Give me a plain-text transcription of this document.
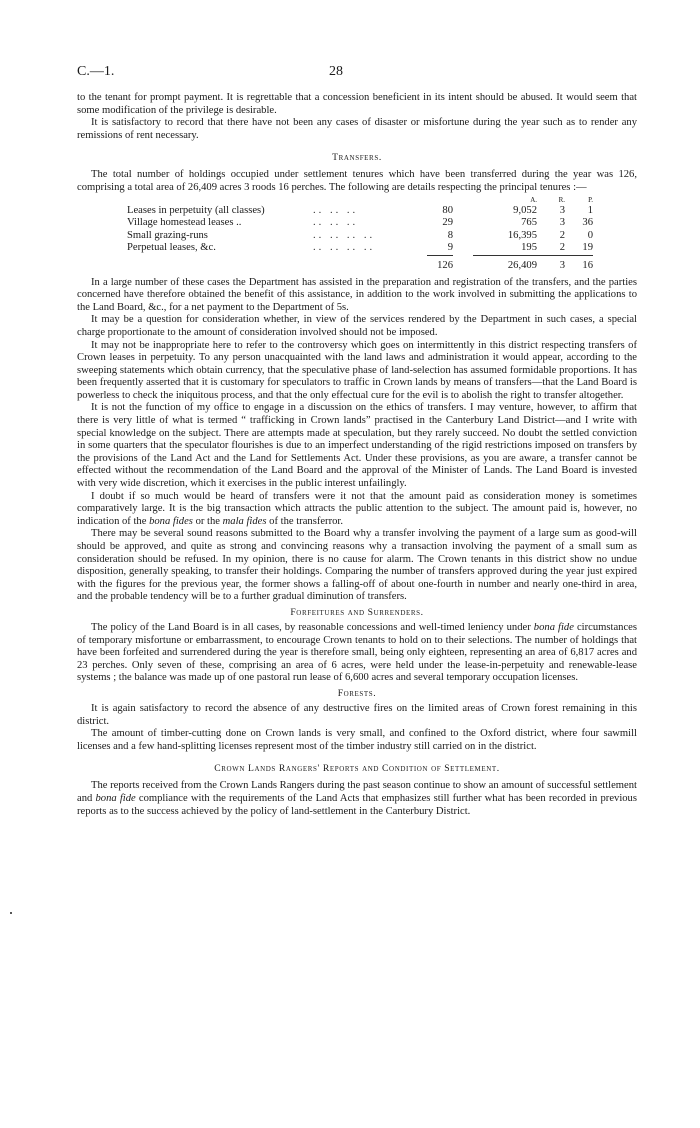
C.—1.	28

to the tenant for prompt payment. It is regrettable that a concession beneficient in its intent should be abused. It would seem that some modification of the privilege is desirable.

It is satisfactory to record that there have not been any cases of disaster or misfortune during the year such as to render any remissions of rent necessary.

Transfers.

The total number of holdings occupied under settlement tenures which have been transferred during the year was 126, comprising a total area of 26,409 acres 3 roods 16 perches. The following are details respecting the principal tenures :—

			A.	R.	P.
Leases in perpetuity (all classes)	.. .. ..	80	9,052	3	1
Village homestead leases ..	.. .. ..	29	765	3	36
Small grazing-runs	.. .. .. ..	8	16,395	2	0
Perpetual leases, &c.	.. .. .. ..	9	195	2	19

		126	26,409	3	16

In a large number of these cases the Department has assisted in the preparation and registration of the transfers, and the parties concerned have therefore obtained the benefit of this assistance, in addition to the work involved in submitting the applications to the Land Board, &c., for a net payment to the Department of 5s.

It may be a question for consideration whether, in view of the services rendered by the Department in such cases, a special charge proportionate to the amount of consideration involved should not be imposed.

It may not be inappropriate here to refer to the controversy which goes on intermittently in this district respecting transfers of Crown leases in perpetuity. To any person unacquainted with the land laws and administration it would appear, according to the sweeping statements which obtain currency, that the speculative phase of land-selection has assumed formidable proportions. It has been frequently asserted that it is customary for speculators to traffic in Crown lands by means of transfers—that the Land Board is powerless to check the iniquitous process, and that the only effectual cure for the evil is to abolish the right to transfer altogether.

It is not the function of my office to engage in a discussion on the ethics of transfers. I may venture, however, to affirm that there is very little of what is termed “ trafficking in Crown lands” practised in the Canterbury Land District—and I write with special knowledge on the subject. There are attempts made at speculation, but they rarely succeed. No doubt the settled conviction in some quarters that the speculator flourishes is due to an imperfect understanding of the rigid restrictions imposed on transfers by the provisions of the Land Act and the Land for Settlements Act. Under these provisions, as you are aware, a transfer cannot be effected without the recommendation of the Land Board and the approval of the Minister of Lands. The Land Board is invested with very wide discretion, which it exercises in the public interest unfailingly.

I doubt if so much would be heard of transfers were it not that the amount paid as consideration money is sometimes comparatively large. It is the big transaction which attracts the public attention to the subject. The amount paid is, however, no indication of the bona fides or the mala fides of the transferror.

There may be several sound reasons submitted to the Board why a transfer involving the payment of a large sum as good-will should be approved, and quite as strong and convincing reasons why a transaction involving the payment of a small sum as consideration should be refused. In my opinion, there is no cause for alarm. The Crown tenants in this district show no undue disposition, generally speaking, to transfer their holdings. Comparing the number of transfers approved during the year just expired with the figures for the previous year, the former shows a falling-off of about one-fourth in number and nearly one-third in area, and the probable tendency will be to a further gradual diminution of transfers.

Forfeitures and Surrenders.

The policy of the Land Board is in all cases, by reasonable concessions and well-timed leniency under bona fide circumstances of temporary misfortune or embarrassment, to encourage Crown tenants to hold on to their selections. The number of holdings that have been forfeited and surrendered during the year is therefore small, being only eighteen, representing an area of 6,817 acres and 23 perches. Only seven of these, comprising an area of 6 acres, were held under the lease-in-perpetuity and renewable-lease systems ; the balance was made up of one pastoral run lease of 6,600 acres and several temporary occupation licenses.

Forests.

It is again satisfactory to record the absence of any destructive fires on the limited areas of Crown forest remaining in this district.

The amount of timber-cutting done on Crown lands is very small, and confined to the Oxford district, where four sawmill licenses and a few hand-splitting licenses represent most of the timber industry still carried on in the district.

Crown Lands Rangers' Reports and Condition of Settlement.

The reports received from the Crown Lands Rangers during the past season continue to show an amount of successful settlement and bona fide compliance with the requirements of the Land Acts that emphasizes still further what has been recorded in previous reports as to the success achieved by the policy of land-settlement in the Canterbury District.
